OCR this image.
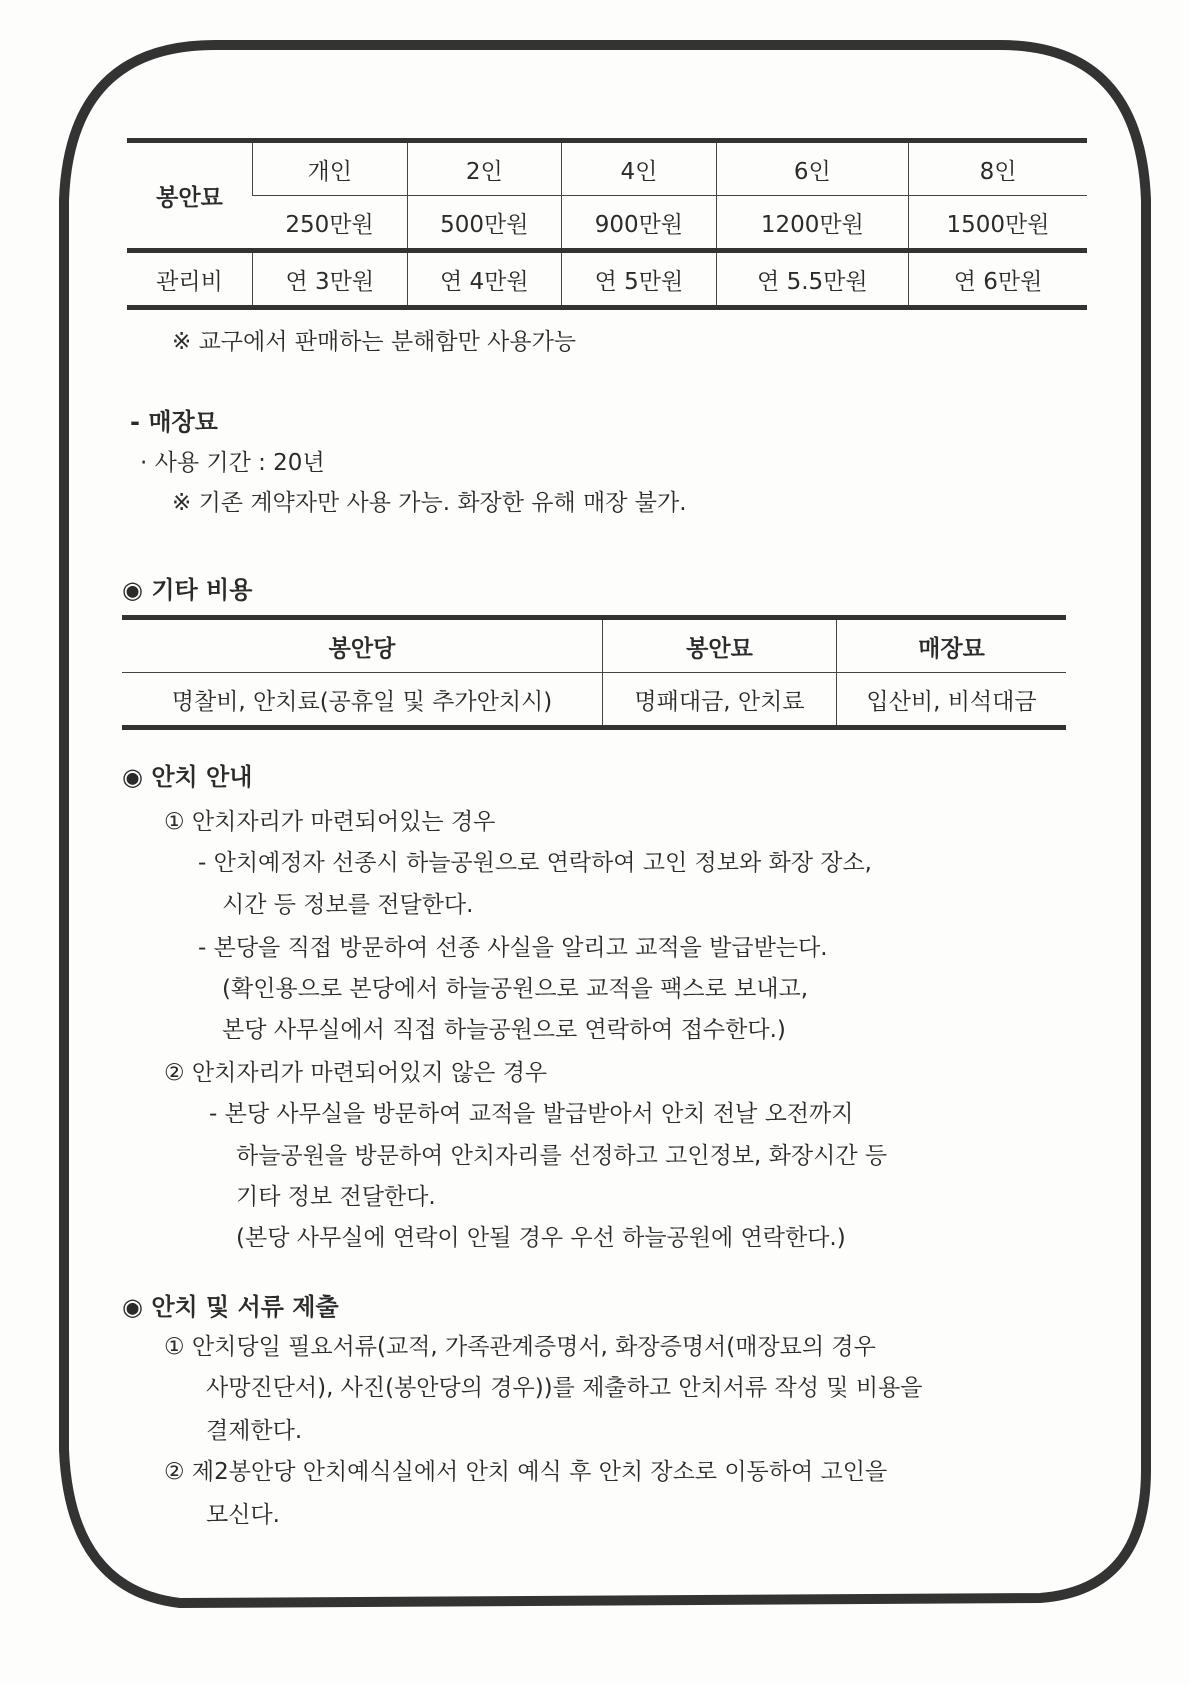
봉안묘	개인	2인	4인	6인	8인
	250만원	500만원	900만원	1200만원	1500만원
관리비	연 3만원	연 4만원	연 5만원	연 5.5만원	연 6만원
※ 교구에서 판매하는 분해함만 사용가능
- 매장묘
· 사용 기간 : 20년
※ 기존 계약자만 사용 가능. 화장한 유해 매장 불가.
◉ 기타 비용
봉안당	봉안묘	매장묘
명찰비, 안치료(공휴일 및 추가안치시)	명패대금, 안치료	입산비, 비석대금
◉ 안치 안내
① 안치자리가 마련되어있는 경우
- 안치예정자 선종시 하늘공원으로 연락하여 고인 정보와 화장 장소,
시간 등 정보를 전달한다.
- 본당을 직접 방문하여 선종 사실을 알리고 교적을 발급받는다.
(확인용으로 본당에서 하늘공원으로 교적을 팩스로 보내고,
본당 사무실에서 직접 하늘공원으로 연락하여 접수한다.)
② 안치자리가 마련되어있지 않은 경우
- 본당 사무실을 방문하여 교적을 발급받아서 안치 전날 오전까지
하늘공원을 방문하여 안치자리를 선정하고 고인정보, 화장시간 등
기타 정보 전달한다.
(본당 사무실에 연락이 안될 경우 우선 하늘공원에 연락한다.)
◉ 안치 및 서류 제출
① 안치당일 필요서류(교적, 가족관계증명서, 화장증명서(매장묘의 경우
사망진단서), 사진(봉안당의 경우))를 제출하고 안치서류 작성 및 비용을
결제한다.
② 제2봉안당 안치예식실에서 안치 예식 후 안치 장소로 이동하여 고인을
모신다.
